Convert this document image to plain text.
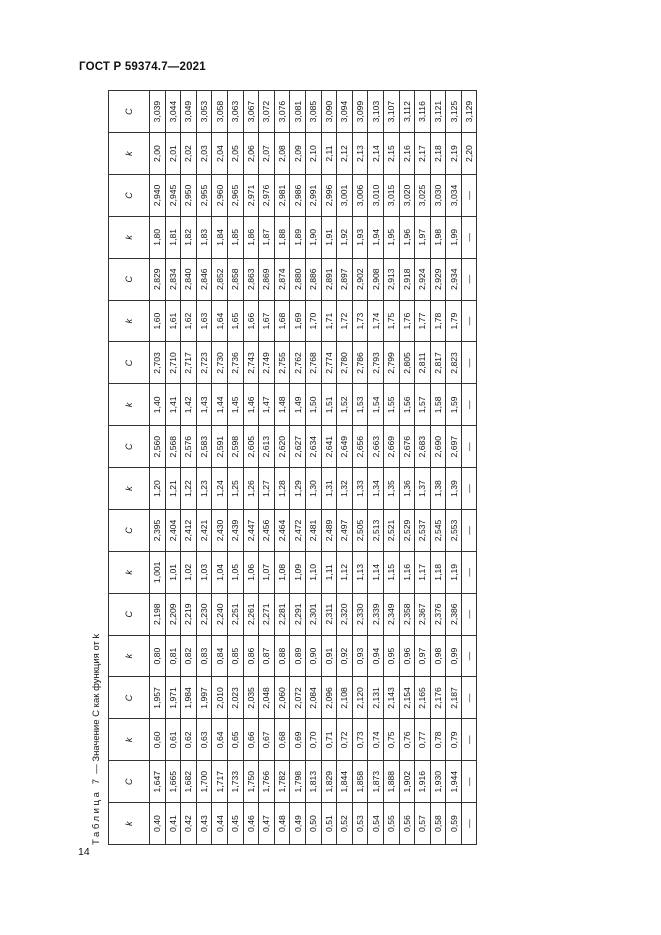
ГОСТ Р 59374.7—2021
Таблица 7 — Значение C как функция от k
k	C	k	C	k	C	k	C	k	C	k	C	k	C	k	C	k	C
0,40	1,647	0,60	1,957	0,80	2,198	1,001	2,395	1,20	2,560	1,40	2,703	1,60	2,829	1,80	2,940	2,00	3,039
0,41	1,665	0,61	1,971	0,81	2,209	1,01	2,404	1,21	2,568	1,41	2,710	1,61	2,834	1,81	2,945	2,01	3,044
0,42	1,682	0,62	1,984	0,82	2,219	1,02	2,412	1,22	2,576	1,42	2,717	1,62	2,840	1,82	2,950	2,02	3,049
0,43	1,700	0,63	1,997	0,83	2,230	1,03	2,421	1,23	2,583	1,43	2,723	1,63	2,846	1,83	2,955	2,03	3,053
0,44	1,717	0,64	2,010	0,84	2,240	1,04	2,430	1,24	2,591	1,44	2,730	1,64	2,852	1,84	2,960	2,04	3,058
0,45	1,733	0,65	2,023	0,85	2,251	1,05	2,439	1,25	2,598	1,45	2,736	1,65	2,858	1,85	2,965	2,05	3,063
0,46	1,750	0,66	2,035	0,86	2,261	1,06	2,447	1,26	2,605	1,46	2,743	1,66	2,863	1,86	2,971	2,06	3,067
0,47	1,766	0,67	2,048	0,87	2,271	1,07	2,456	1,27	2,613	1,47	2,749	1,67	2,869	1,87	2,976	2,07	3,072
0,48	1,782	0,68	2,060	0,88	2,281	1,08	2,464	1,28	2,620	1,48	2,755	1,68	2,874	1,88	2,981	2,08	3,076
0,49	1,798	0,69	2,072	0,89	2,291	1,09	2,472	1,29	2,627	1,49	2,762	1,69	2,880	1,89	2,986	2,09	3,081
0,50	1,813	0,70	2,084	0,90	2,301	1,10	2,481	1,30	2,634	1,50	2,768	1,70	2,886	1,90	2,991	2,10	3,085
0,51	1,829	0,71	2,096	0,91	2,311	1,11	2,489	1,31	2,641	1,51	2,774	1,71	2,891	1,91	2,996	2,11	3,090
0,52	1,844	0,72	2,108	0,92	2,320	1,12	2,497	1,32	2,649	1,52	2,780	1,72	2,897	1,92	3,001	2,12	3,094
0,53	1,858	0,73	2,120	0,93	2,330	1,13	2,505	1,33	2,656	1,53	2,786	1,73	2,902	1,93	3,006	2,13	3,099
0,54	1,873	0,74	2,131	0,94	2,339	1,14	2,513	1,34	2,663	1,54	2,793	1,74	2,908	1,94	3,010	2,14	3,103
0,55	1,888	0,75	2,143	0,95	2,349	1,15	2,521	1,35	2,669	1,55	2,799	1,75	2,913	1,95	3,015	2,15	3,107
0,56	1,902	0,76	2,154	0,96	2,358	1,16	2,529	1,36	2,676	1,56	2,805	1,76	2,918	1,96	3,020	2,16	3,112
0,57	1,916	0,77	2,165	0,97	2,367	1,17	2,537	1,37	2,683	1,57	2,811	1,77	2,924	1,97	3,025	2,17	3,116
0,58	1,930	0,78	2,176	0,98	2,376	1,18	2,545	1,38	2,690	1,58	2,817	1,78	2,929	1,98	3,030	2,18	3,121
0,59	1,944	0,79	2,187	0,99	2,386	1,19	2,553	1,39	2,697	1,59	2,823	1,79	2,934	1,99	3,034	2,19	3,125
—	—	—	—	—	—	—	—	—	—	—	—	—	—	—	—	2,20	3,129
14
